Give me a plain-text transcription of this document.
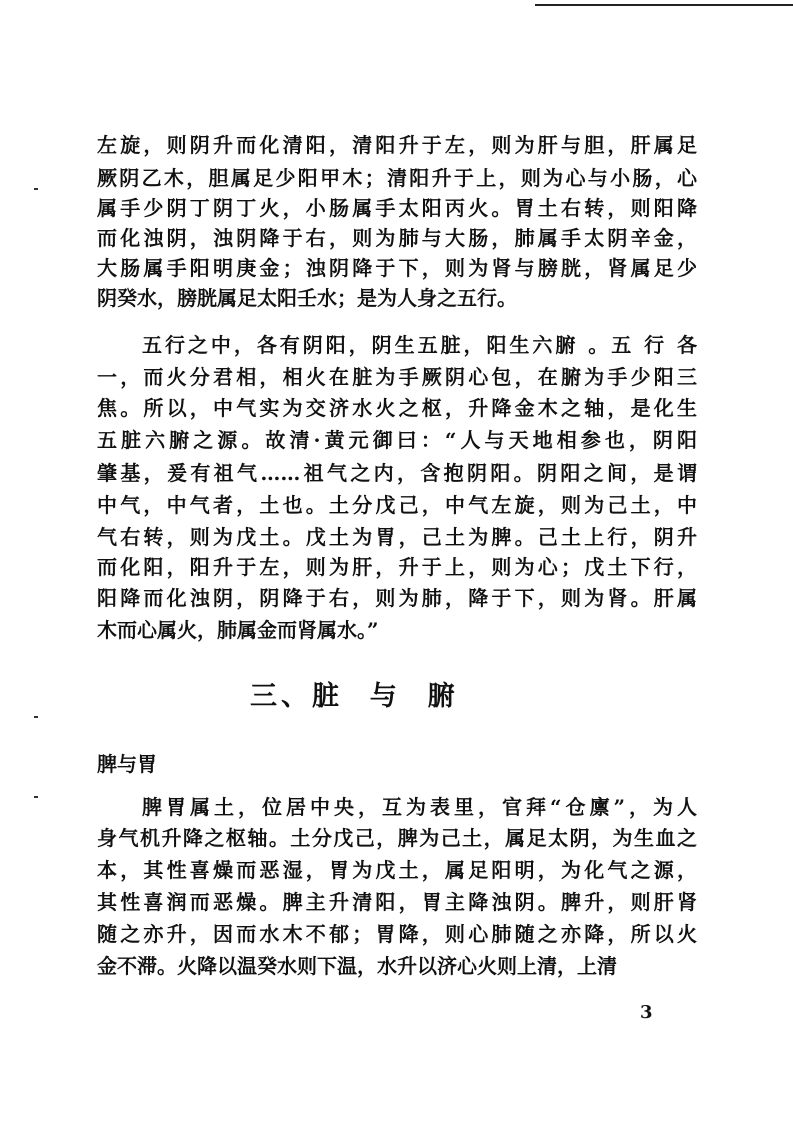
左旋，则阴升而化清阳，清阳升于左，则为肝与胆，肝属足
厥阴乙木，胆属足少阳甲木；清阳升于上，则为心与小肠，心
属手少阴丁阴丁火，小肠属手太阳丙火。胃土右转，则阳降
而化浊阴，浊阴降于右，则为肺与大肠，肺属手太阴辛金，
大肠属手阳明庚金；浊阴降于下，则为肾与膀胱，肾属足少
阴癸水，膀胱属足太阳壬水；是为人身之五行。
五行之中，各有阴阳，阴生五脏，阳生六腑 。五 行 各
一，而火分君相，相火在脏为手厥阴心包，在腑为手少阳三
焦。所以，中气实为交济水火之枢，升降金木之轴，是化生
五脏六腑之源。故清·黄元御曰：“人与天地相参也，阴阳
肇基，爰有祖气……祖气之内，含抱阴阳。阴阳之间，是谓
中气，中气者，土也。土分戊己，中气左旋，则为己土，中
气右转，则为戊土。戊土为胃，己土为脾。己土上行，阴升
而化阳，阳升于左，则为肝，升于上，则为心；戊土下行，
阳降而化浊阴，阴降于右，则为肺，降于下，则为肾。肝属
木而心属火，肺属金而肾属水。”
三、脏  与  腑
脾与胃
脾胃属土，位居中央，互为表里，官拜“仓廪”，为人
身气机升降之枢轴。土分戊己，脾为己土，属足太阴，为生血之
本，其性喜燥而恶湿，胃为戊土，属足阳明，为化气之源，
其性喜润而恶燥。脾主升清阳，胃主降浊阴。脾升，则肝肾
随之亦升，因而水木不郁；胃降，则心肺随之亦降，所以火
金不滞。火降以温癸水则下温，水升以济心火则上清，上清
3
